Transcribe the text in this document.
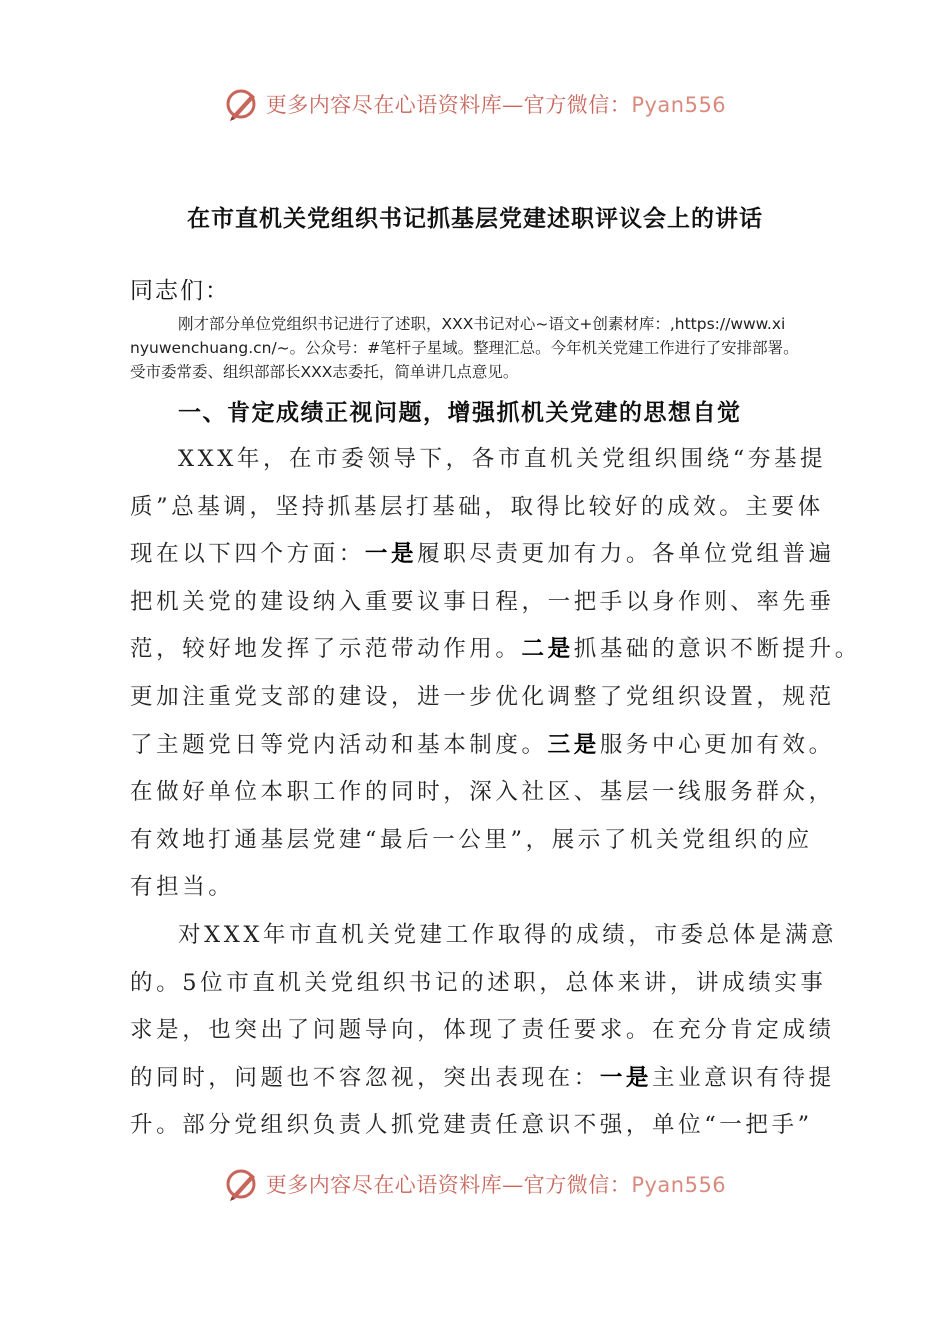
更多内容尽在心语资料库—官方微信：Pyan556
在市直机关党组织书记抓基层党建述职评议会上的讲话
同志们：

刚才部分单位党组织书记进行了述职，XXX书记对心~语文+创素材库：,https://www.xi

nyuwenchuang.cn/~。公众号：#笔杆子星域。整理汇总。今年机关党建工作进行了安排部署。

受市委常委、组织部部长XXX志委托，简单讲几点意见。

一、肯定成绩正视问题，增强抓机关党建的思想自觉
XXX年，在市委领导下，各市直机关党组织围绕“夯基提
质”总基调，坚持抓基层打基础，取得比较好的成效。主要体
现在以下四个方面：一是履职尽责更加有力。各单位党组普遍
把机关党的建设纳入重要议事日程，一把手以身作则、率先垂
范，较好地发挥了示范带动作用。二是抓基础的意识不断提升。
更加注重党支部的建设，进一步优化调整了党组织设置，规范
了主题党日等党内活动和基本制度。三是服务中心更加有效。
在做好单位本职工作的同时，深入社区、基层一线服务群众，
有效地打通基层党建“最后一公里”，展示了机关党组织的应
有担当。
对XXX年市直机关党建工作取得的成绩，市委总体是满意
的。5位市直机关党组织书记的述职，总体来讲，讲成绩实事
求是，也突出了问题导向，体现了责任要求。在充分肯定成绩
的同时，问题也不容忽视，突出表现在：一是主业意识有待提
升。部分党组织负责人抓党建责任意识不强，单位“一把手”
更多内容尽在心语资料库—官方微信：Pyan556
